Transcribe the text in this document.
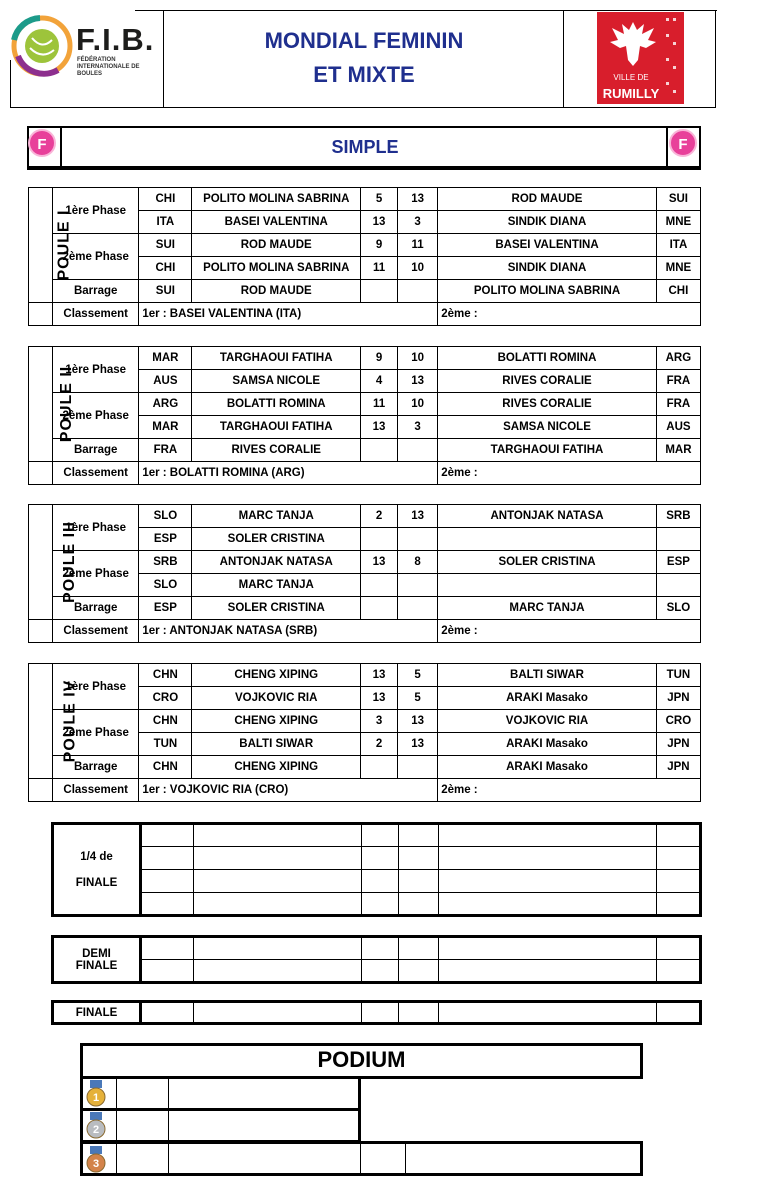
F.I.B.
FÉDÉRATION INTERNATIONALE DE BOULES
MONDIAL FEMININ
ET MIXTE	VILLE DE
RUMILLY
SIMPLE
F	F
POULE I	1ère Phase	CHI	POLITO MOLINA SABRINA	5	13	ROD MAUDE	SUI
		ITA	BASEI VALENTINA	13	3	SINDIK DIANA	MNE
	2ème Phase	SUI	ROD MAUDE	9	11	BASEI VALENTINA	ITA
		CHI	POLITO MOLINA SABRINA	11	10	SINDIK DIANA	MNE
	Barrage	SUI	ROD MAUDE			POLITO MOLINA SABRINA	CHI
	Classement	1er : BASEI VALENTINA (ITA)				2ème :	
POULE II	1ère Phase	MAR	TARGHAOUI FATIHA	9	10	BOLATTI ROMINA	ARG
		AUS	SAMSA NICOLE	4	13	RIVES CORALIE	FRA
	2ème Phase	ARG	BOLATTI ROMINA	11	10	RIVES CORALIE	FRA
		MAR	TARGHAOUI FATIHA	13	3	SAMSA NICOLE	AUS
	Barrage	FRA	RIVES CORALIE			TARGHAOUI FATIHA	MAR
	Classement	1er : BOLATTI ROMINA (ARG)				2ème :	
POULE III	1ère Phase	SLO	MARC TANJA	2	13	ANTONJAK NATASA	SRB
		ESP	SOLER CRISTINA				
	2ème Phase	SRB	ANTONJAK NATASA	13	8	SOLER CRISTINA	ESP
		SLO	MARC TANJA				
	Barrage	ESP	SOLER CRISTINA			MARC TANJA	SLO
	Classement	1er : ANTONJAK NATASA (SRB)				2ème :	
POULE IV	1ère Phase	CHN	CHENG XIPING	13	5	BALTI SIWAR	TUN
		CRO	VOJKOVIC RIA	13	5	ARAKI Masako	JPN
	2ème Phase	CHN	CHENG XIPING	3	13	VOJKOVIC RIA	CRO
		TUN	BALTI SIWAR	2	13	ARAKI Masako	JPN
	Barrage	CHN	CHENG XIPING			ARAKI Masako	JPN
	Classement	1er : VOJKOVIC RIA (CRO)				2ème :	
1/4 de
FINALE						

DEMI
FINALE						

FINALE						
PODIUM
1
2
3
